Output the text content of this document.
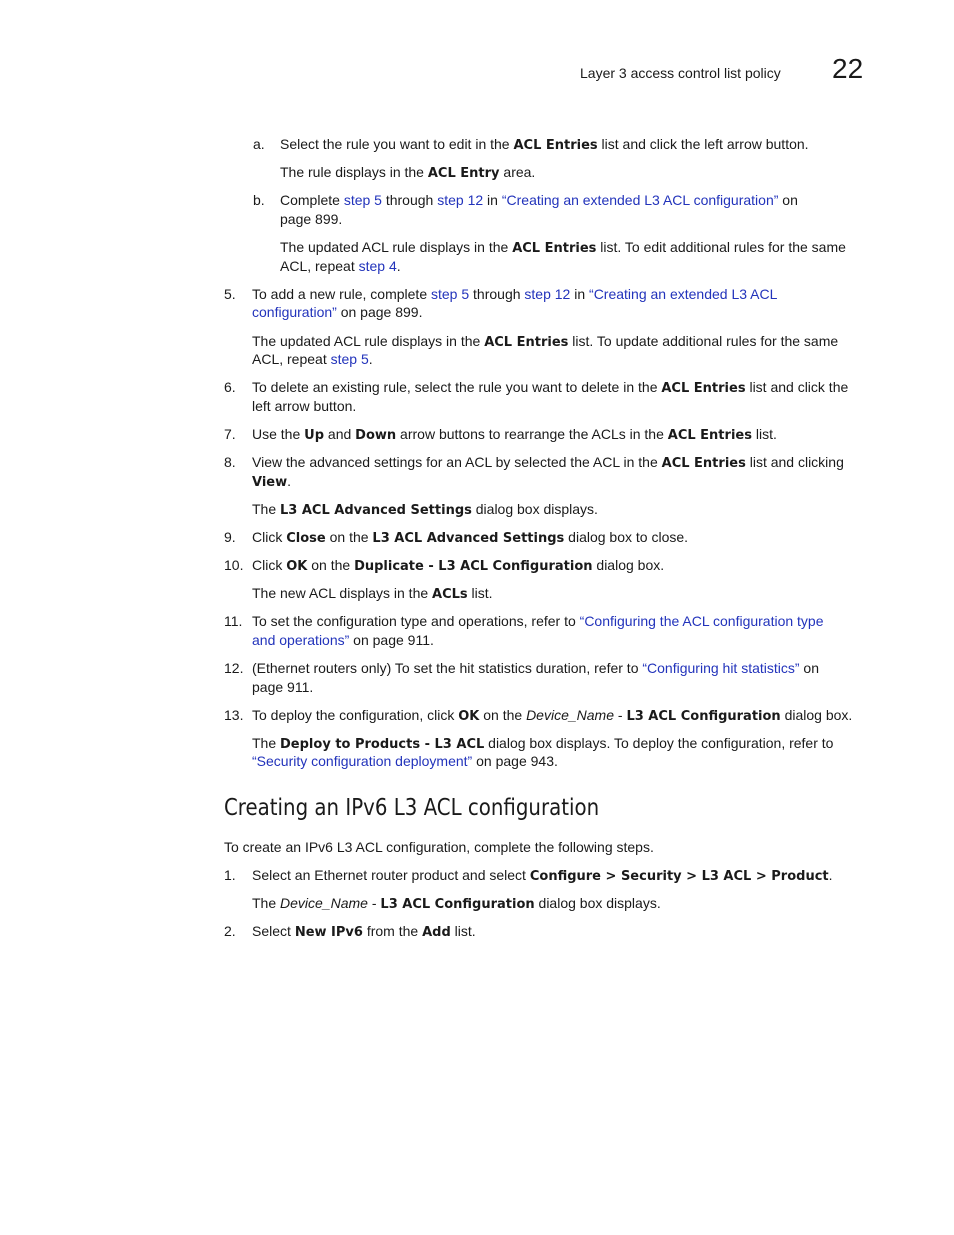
Layer 3 access control list policy 22
a. Select the rule you want to edit in the ACL Entries list and click the left arrow button.
The rule displays in the ACL Entry area.
b. Complete step 5 through step 12 in “Creating an extended L3 ACL configuration” on
page 899.
The updated ACL rule displays in the ACL Entries list. To edit additional rules for the same
ACL, repeat step 4.
5. To add a new rule, complete step 5 through step 12 in “Creating an extended L3 ACL
configuration” on page 899.
The updated ACL rule displays in the ACL Entries list. To update additional rules for the same
ACL, repeat step 5.
6. To delete an existing rule, select the rule you want to delete in the ACL Entries list and click the
left arrow button.
7. Use the Up and Down arrow buttons to rearrange the ACLs in the ACL Entries list.
8. View the advanced settings for an ACL by selected the ACL in the ACL Entries list and clicking
View.
The L3 ACL Advanced Settings dialog box displays.
9. Click Close on the L3 ACL Advanced Settings dialog box to close.
10. Click OK on the Duplicate - L3 ACL Configuration dialog box.
The new ACL displays in the ACLs list.
11. To set the configuration type and operations, refer to “Configuring the ACL configuration type
and operations” on page 911.
12. (Ethernet routers only) To set the hit statistics duration, refer to “Configuring hit statistics” on
page 911.
13. To deploy the configuration, click OK on the Device_Name - L3 ACL Configuration dialog box.
The Deploy to Products - L3 ACL dialog box displays. To deploy the configuration, refer to
“Security configuration deployment” on page 943.
To create an IPv6 L3 ACL configuration, complete the following steps.
1. Select an Ethernet router product and select Configure > Security > L3 ACL > Product.
The Device_Name - L3 ACL Configuration dialog box displays.
2. Select New IPv6 from the Add list.
Creating an IPv6 L3 ACL configuration
